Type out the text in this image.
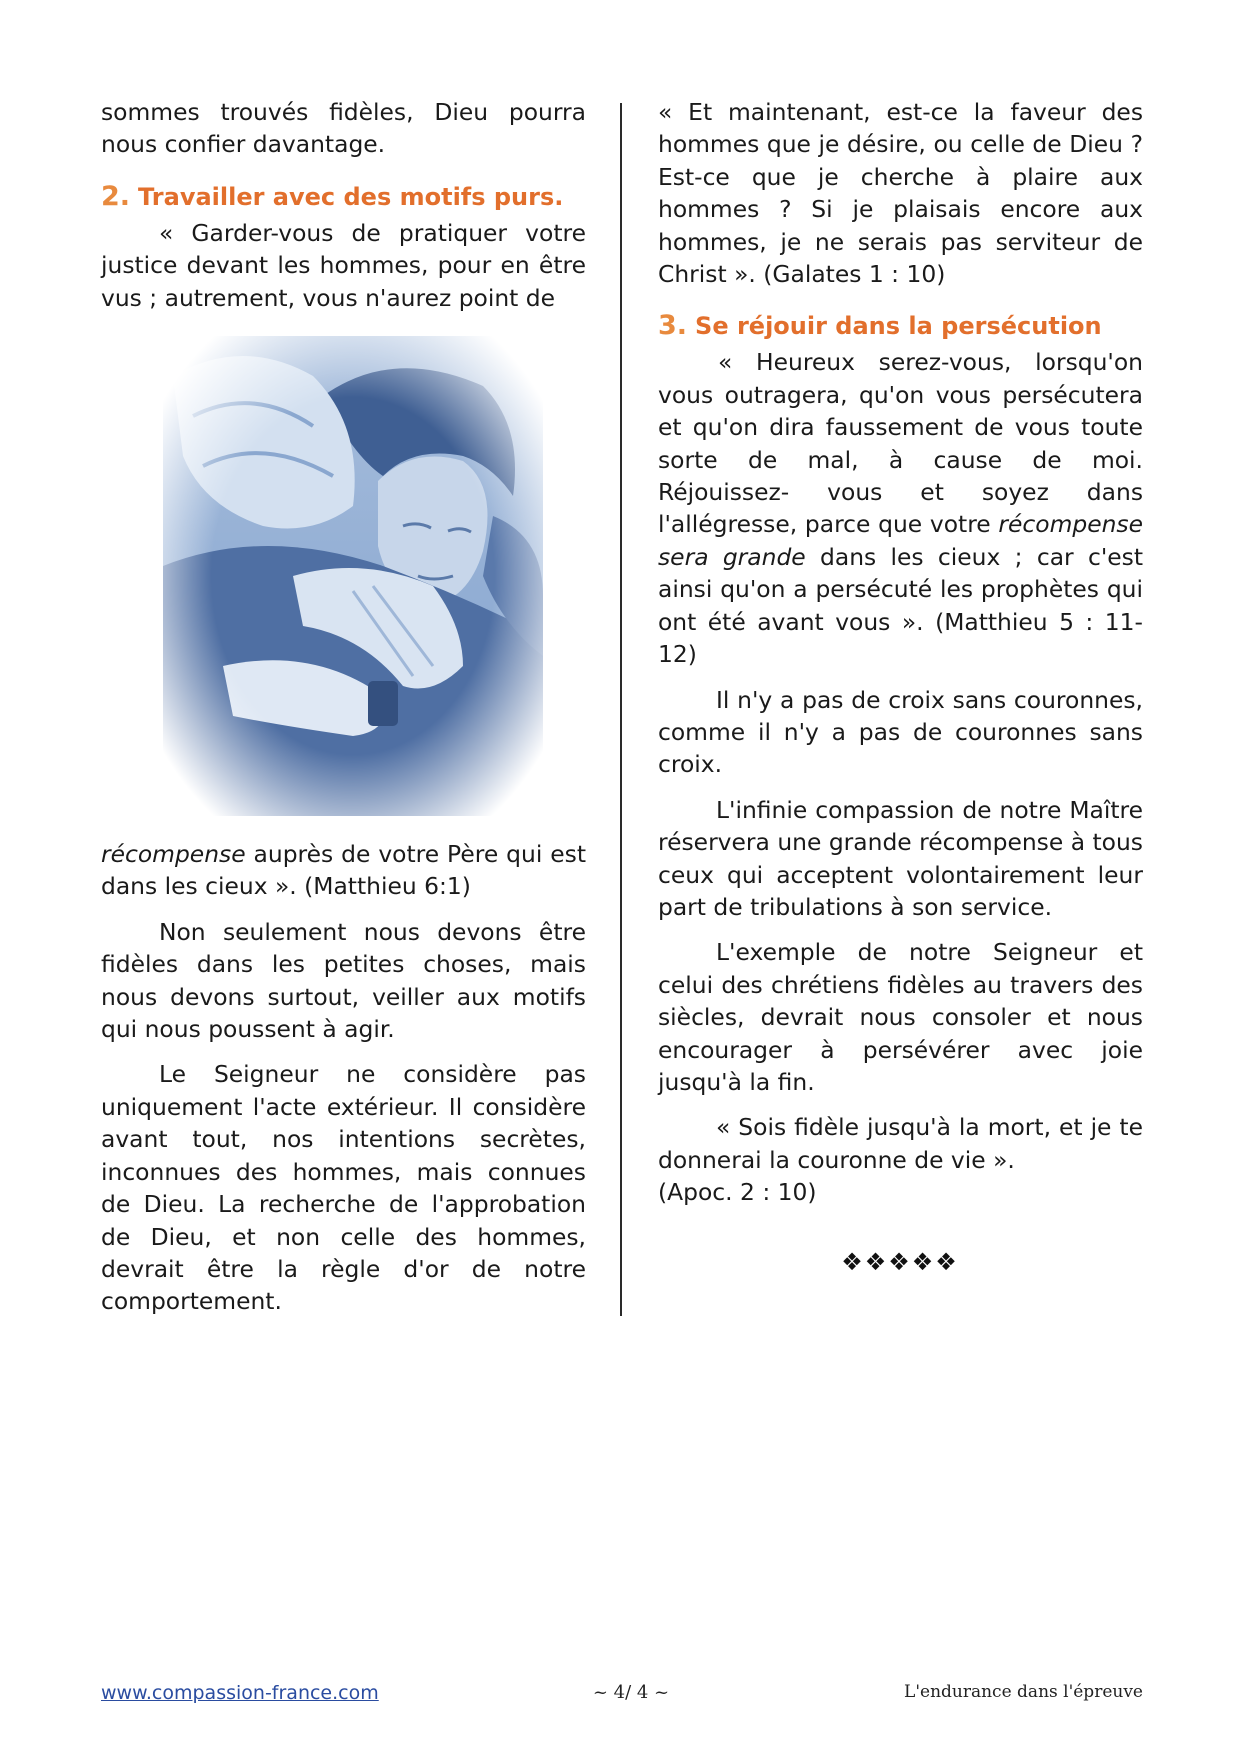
sommes trouvés fidèles, Dieu pourra nous confier davantage.

2. Travailler avec des motifs purs.

« Garder-vous de pratiquer votre justice devant les hommes, pour en être vus ; autrement, vous n'aurez point de

récompense auprès de votre Père qui est dans les cieux ». (Matthieu 6:1)

Non seulement nous devons être fidèles dans les petites choses, mais nous devons surtout, veiller aux motifs qui nous poussent à agir.

Le Seigneur ne considère pas uniquement l'acte extérieur. Il considère avant tout, nos intentions secrètes, inconnues des hommes, mais connues de Dieu. La recherche de l'approbation de Dieu, et non celle des hommes, devrait être la règle d'or de notre comportement.

« Et maintenant, est-ce la faveur des hommes que je désire, ou celle de Dieu ? Est-ce que je cherche à plaire aux hommes ? Si je plaisais encore aux hommes, je ne serais pas serviteur de Christ ». (Galates 1 : 10)

3. Se réjouir dans la persécution

« Heureux serez-vous, lorsqu'on vous outragera, qu'on vous persécutera et qu'on dira faussement de vous toute sorte de mal, à cause de moi. Réjouissez- vous et soyez dans l'allégresse, parce que votre récompense sera grande dans les cieux ; car c'est ainsi qu'on a persécuté les prophètes qui ont été avant vous ». (Matthieu 5 : 11-12)

Il n'y a pas de croix sans couronnes, comme il n'y a pas de couronnes sans croix.

L'infinie compassion de notre Maître réservera une grande récompense à tous ceux qui acceptent volontairement leur part de tribulations à son service.

L'exemple de notre Seigneur et celui des chrétiens fidèles au travers des siècles, devrait nous consoler et nous encourager à persévérer avec joie jusqu'à la fin.

« Sois fidèle jusqu'à la mort, et je te donnerai la couronne de vie ».

(Apoc. 2 : 10)

❖❖❖❖❖
www.compassion-france.com	~ 4/ 4 ~	L'endurance dans l'épreuve
